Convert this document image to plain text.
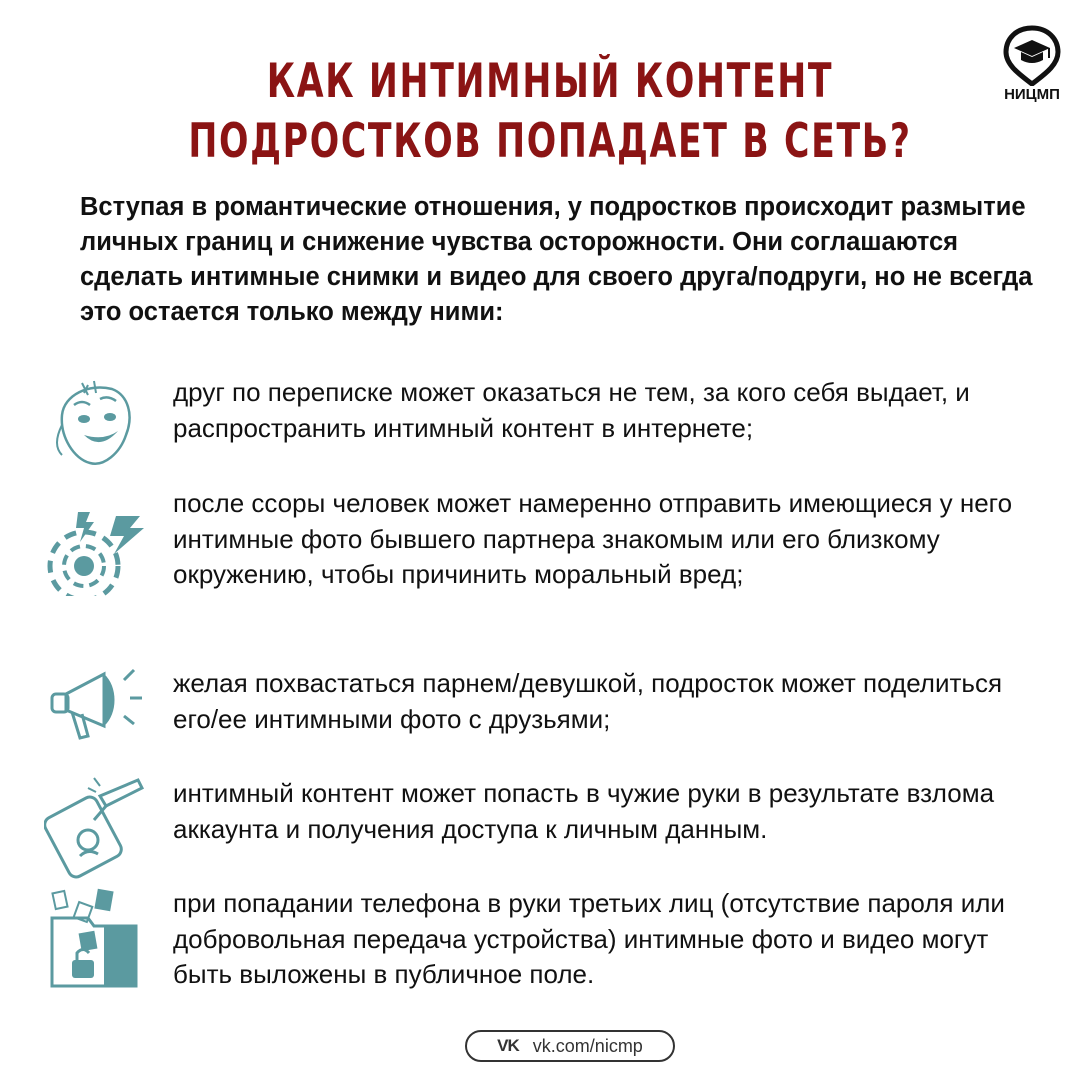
КАК ИНТИМНЫЙ КОНТЕНТ
ПОДРОСТКОВ ПОПАДАЕТ В СЕТЬ?
НИЦМП
Вступая в романтические отношения, у подростков происходит размытие личных границ и снижение чувства осторожности. Они соглашаются сделать интимные снимки и видео для своего друга/подруги, но не всегда это остается только между ними:
друг по переписке может оказаться не тем, за кого себя выдает, и распространить интимный контент в интернете;
после ссоры человек может намеренно отправить имеющиеся у него интимные фото бывшего партнера знакомым или его близкому окружению, чтобы причинить моральный вред;
желая похвастаться парнем/девушкой, подросток может поделиться его/ее интимными фото с друзьями;
интимный контент может попасть в чужие руки в результате взлома аккаунта и получения доступа к личным данным.
при попадании телефона в руки третьих лиц (отсутствие пароля или добровольная передача устройства) интимные фото и видео могут быть выложены в публичное поле.
VK vk.com/nicmp
